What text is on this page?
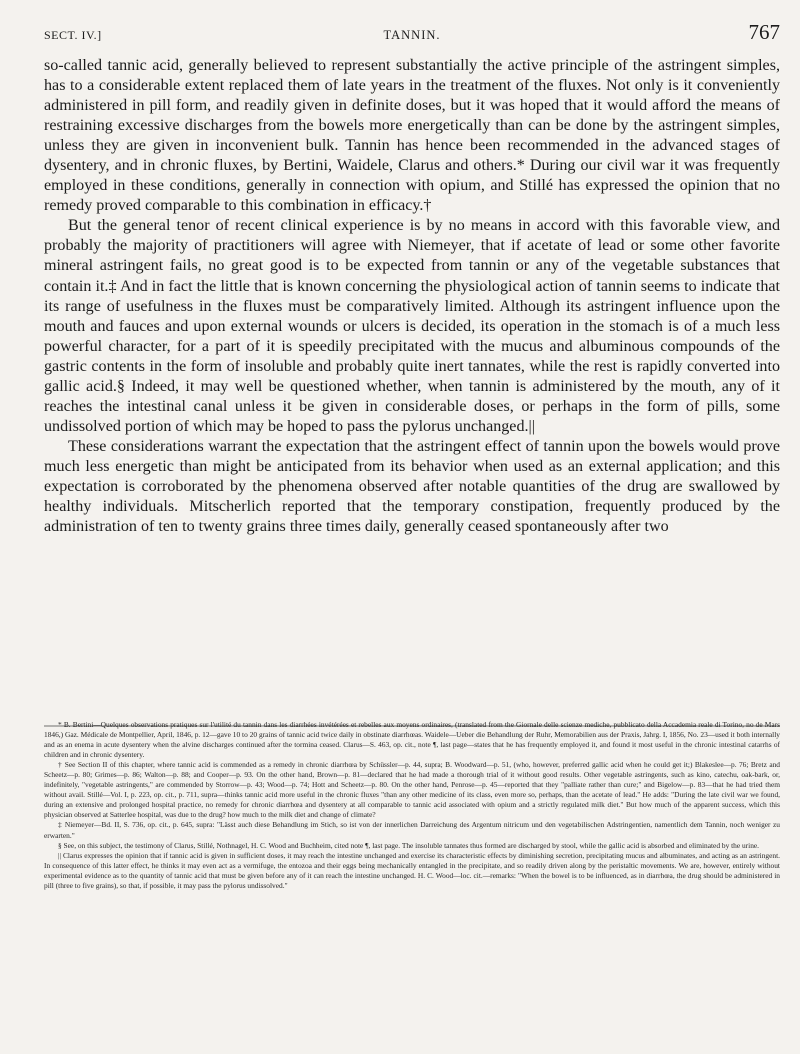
SECT. IV.]	TANNIN.	767

so-called tannic acid, generally believed to represent substantially the active principle of the astringent simples, has to a considerable extent replaced them of late years in the treatment of the fluxes. Not only is it conveniently administered in pill form, and readily given in definite doses, but it was hoped that it would afford the means of restraining excessive discharges from the bowels more energetically than can be done by the astringent simples, unless they are given in inconvenient bulk. Tannin has hence been recommended in the advanced stages of dysentery, and in chronic fluxes, by Bertini, Waidele, Clarus and others.* During our civil war it was frequently employed in these conditions, generally in connection with opium, and Stillé has expressed the opinion that no remedy proved comparable to this combination in efficacy.†

But the general tenor of recent clinical experience is by no means in accord with this favorable view, and probably the majority of practitioners will agree with Niemeyer, that if acetate of lead or some other favorite mineral astringent fails, no great good is to be expected from tannin or any of the vegetable substances that contain it.‡ And in fact the little that is known concerning the physiological action of tannin seems to indicate that its range of usefulness in the fluxes must be comparatively limited. Although its astringent influence upon the mouth and fauces and upon external wounds or ulcers is decided, its operation in the stomach is of a much less powerful character, for a part of it is speedily precipitated with the mucus and albuminous compounds of the gastric contents in the form of insoluble and probably quite inert tannates, while the rest is rapidly converted into gallic acid.§ Indeed, it may well be questioned whether, when tannin is administered by the mouth, any of it reaches the intestinal canal unless it be given in considerable doses, or perhaps in the form of pills, some undissolved portion of which may be hoped to pass the pylorus unchanged.||

These considerations warrant the expectation that the astringent effect of tannin upon the bowels would prove much less energetic than might be anticipated from its behavior when used as an external application; and this expectation is corroborated by the phenomena observed after notable quantities of the drug are swallowed by healthy individuals. Mitscherlich reported that the temporary constipation, frequently produced by the administration of ten to twenty grains three times daily, generally ceased spontaneously after two

* B. Bertini—Quelques observations pratiques sur l'utilité du tannin dans les diarrhées invétérées et rebelles aux moyens ordinaires, (translated from the Giornale delle scienze mediche, pubblicato della Accademia reale di Torino, no de Mars 1846,) Gaz. Médicale de Montpellier, April, 1846, p. 12—gave 10 to 20 grains of tannic acid twice daily in obstinate diarrhœas. Waidele—Ueber die Behandlung der Ruhr, Memorabilien aus der Praxis, Jahrg. I, 1856, No. 23—used it both internally and as an enema in acute dysentery when the alvine discharges continued after the tormina ceased. Clarus—S. 463, op. cit., note ¶, last page—states that he has frequently employed it, and found it most useful in the chronic intestinal catarrhs of children and in chronic dysentery.

† See Section II of this chapter, where tannic acid is commended as a remedy in chronic diarrhœa by Schüssler—p. 44, supra; B. Woodward—p. 51, (who, however, preferred gallic acid when he could get it;) Blakeslee—p. 76; Bretz and Scheetz—p. 80; Grimes—p. 86; Walton—p. 88; and Cooper—p. 93. On the other hand, Brown—p. 81—declared that he had made a thorough trial of it without good results. Other vegetable astringents, such as kino, catechu, oak-bark, or, indefinitely, "vegetable astringents," are commended by Storrow—p. 43; Wood—p. 74; Hott and Scheetz—p. 80. On the other hand, Penrose—p. 45—reported that they "palliate rather than cure;" and Bigelow—p. 83—that he had tried them without avail. Stillé—Vol. I, p. 223, op. cit., p. 711, supra—thinks tannic acid more useful in the chronic fluxes "than any other medicine of its class, even more so, perhaps, than the acetate of lead." He adds: "During the late civil war we found, during an extensive and prolonged hospital practice, no remedy for chronic diarrhœa and dysentery at all comparable to tannic acid associated with opium and a strictly regulated milk diet." But how much of the apparent success, which this physician observed at Satterlee hospital, was due to the drug? how much to the milk diet and change of climate?

‡ Niemeyer—Bd. II, S. 736, op. cit., p. 645, supra: "Lässt auch diese Behandlung im Stich, so ist von der innerlichen Darreichung des Argentum nitricum und den vegetabilischen Adstringentien, namentlich dem Tannin, noch weniger zu erwarten."

§ See, on this subject, the testimony of Clarus, Stillé, Nothnagel, H. C. Wood and Buchheim, cited note ¶, last page. The insoluble tannates thus formed are discharged by stool, while the gallic acid is absorbed and eliminated by the urine.

|| Clarus expresses the opinion that if tannic acid is given in sufficient doses, it may reach the intestine unchanged and exercise its characteristic effects by diminishing secretion, precipitating mucus and albuminates, and acting as an astringent. In consequence of this latter effect, he thinks it may even act as a vermifuge, the entozoa and their eggs being mechanically entangled in the precipitate, and so readily driven along by the peristaltic movements. We are, however, entirely without experimental evidence as to the quantity of tannic acid that must be given before any of it can reach the intestine unchanged. H. C. Wood—loc. cit.—remarks: "When the bowel is to be influenced, as in diarrhœa, the drug should be administered in pill (three to five grains), so that, if possible, it may pass the pylorus undissolved."
